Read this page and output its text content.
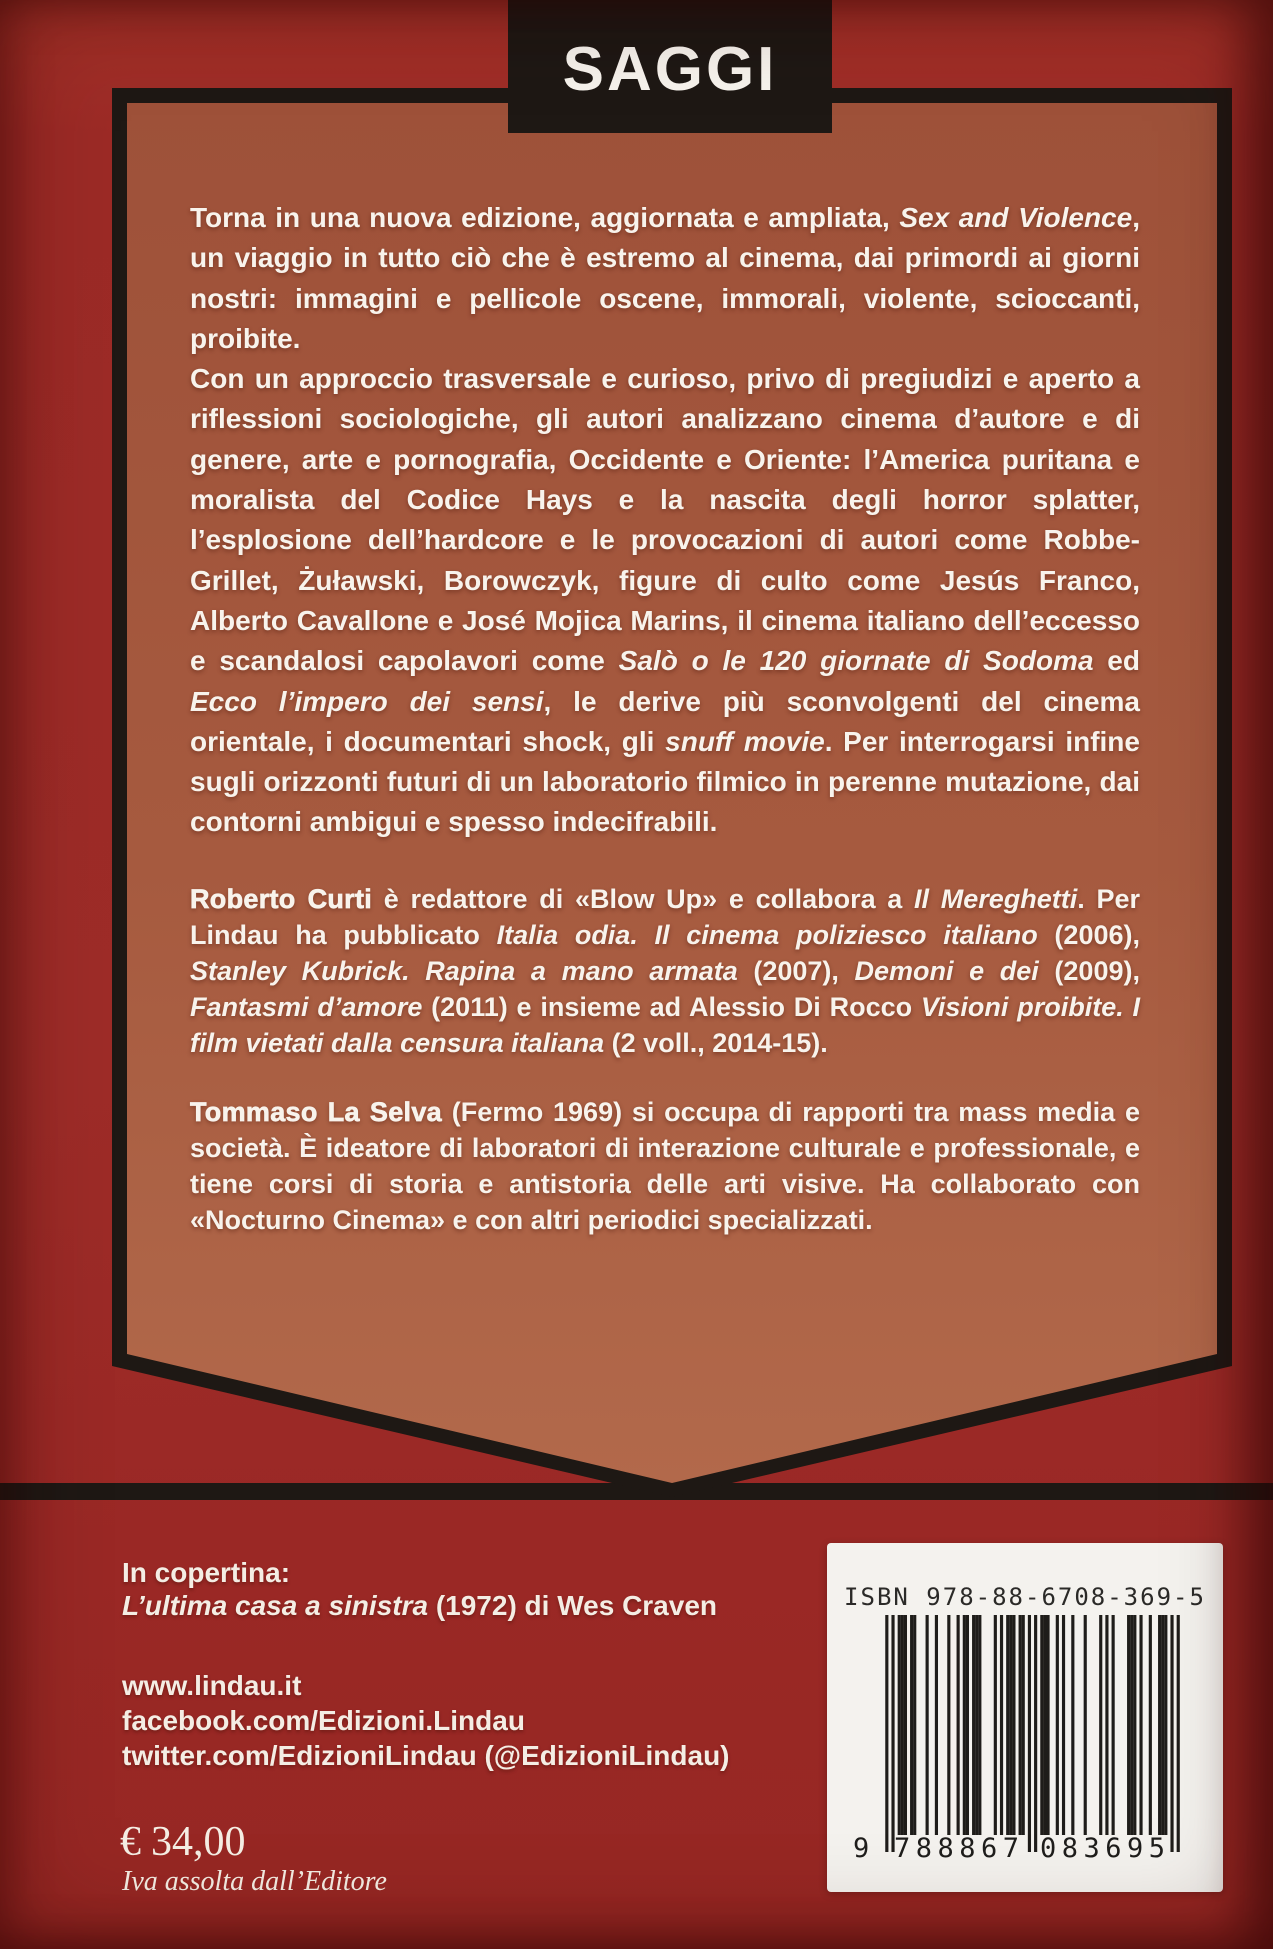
SAGGI

Torna in una nuova edizione, aggiornata e ampliata, Sex and Violence, un viaggio in tutto ciò che è estremo al cinema, dai primordi ai giorni nostri: immagini e pellicole oscene, immorali, violente, scioccanti, proibite.

Con un approccio trasversale e curioso, privo di pregiudizi e aperto a riflessioni sociologiche, gli autori analizzano cinema d’autore e di genere, arte e pornografia, Occidente e Oriente: l’America puritana e moralista del Codice Hays e la nascita degli horror splatter, l’esplosione dell’hardcore e le provocazioni di autori come Robbe-Grillet, Żuławski, Borowczyk, figure di culto come Jesús Franco, Alberto Cavallone e José Mojica Marins, il cinema italiano dell’eccesso e scandalosi capolavori come Salò o le 120 giornate di Sodoma ed Ecco l’impero dei sensi, le derive più sconvolgenti del cinema orientale, i documentari shock, gli snuff movie. Per interrogarsi infine sugli orizzonti futuri di un laboratorio filmico in perenne mutazione, dai contorni ambigui e spesso indecifrabili.

Roberto Curti è redattore di «Blow Up» e collabora a Il Mereghetti. Per Lindau ha pubblicato Italia odia. Il cinema poliziesco italiano (2006), Stanley Kubrick. Rapina a mano armata (2007), Demoni e dei (2009), Fantasmi d’amore (2011) e insieme ad Alessio Di Rocco Visioni proibite. I film vietati dalla censura italiana (2 voll., 2014-15).

Tommaso La Selva (Fermo 1969) si occupa di rapporti tra mass media e società. È ideatore di laboratori di interazione culturale e professionale, e tiene corsi di storia e antistoria delle arti visive. Ha collaborato con «Nocturno Cinema» e con altri periodici specializzati.

In copertina:
L’ultima casa a sinistra (1972) di Wes Craven
www.lindau.it
facebook.com/Edizioni.Lindau
twitter.com/EdizioniLindau (@EdizioniLindau)
€ 34,00
Iva assolta dall’Editore
ISBN 978-88-6708-369-5
9 788867 083695
